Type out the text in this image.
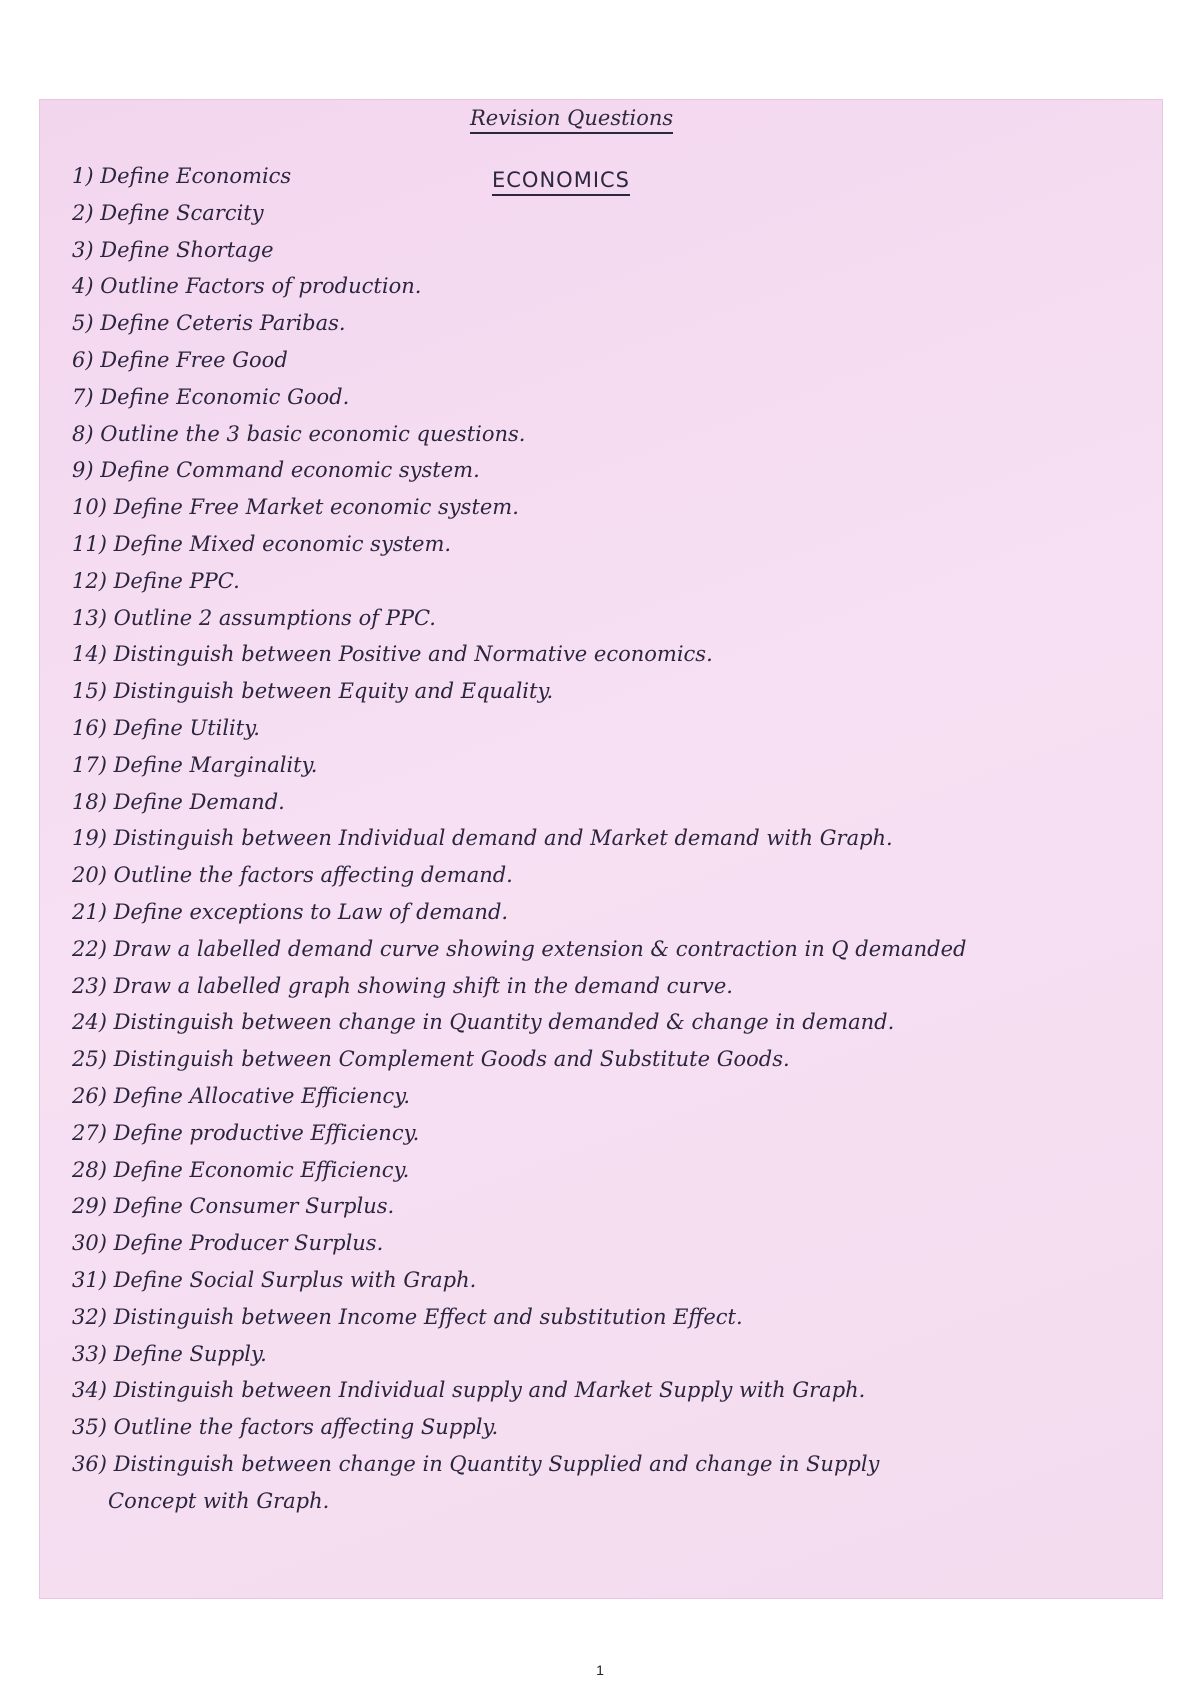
Revision Questions
ECONOMICS
1) Define Economics
2) Define Scarcity
3) Define Shortage
4) Outline Factors of production.
5) Define Ceteris Paribas.
6) Define Free Good
7) Define Economic Good.
8) Outline the 3 basic economic questions.
9) Define Command economic system.
10) Define Free Market economic system.
11) Define Mixed economic system.
12) Define PPC.
13) Outline 2 assumptions of PPC.
14) Distinguish between Positive and Normative economics.
15) Distinguish between Equity and Equality.
16) Define Utility.
17) Define Marginality.
18) Define Demand.
19) Distinguish between Individual demand and Market demand with Graph.
20) Outline the factors affecting demand.
21) Define exceptions to Law of demand.
22) Draw a labelled demand curve showing extension & contraction in Q demanded
23) Draw a labelled graph showing shift in the demand curve.
24) Distinguish between change in Quantity demanded & change in demand.
25) Distinguish between Complement Goods and Substitute Goods.
26) Define Allocative Efficiency.
27) Define productive Efficiency.
28) Define Economic Efficiency.
29) Define Consumer Surplus.
30) Define Producer Surplus.
31) Define Social Surplus with Graph.
32) Distinguish between Income Effect and substitution Effect.
33) Define Supply.
34) Distinguish between Individual supply and Market Supply with Graph.
35) Outline the factors affecting Supply.
36) Distinguish between change in Quantity Supplied and change in Supply
Concept with Graph.
1
